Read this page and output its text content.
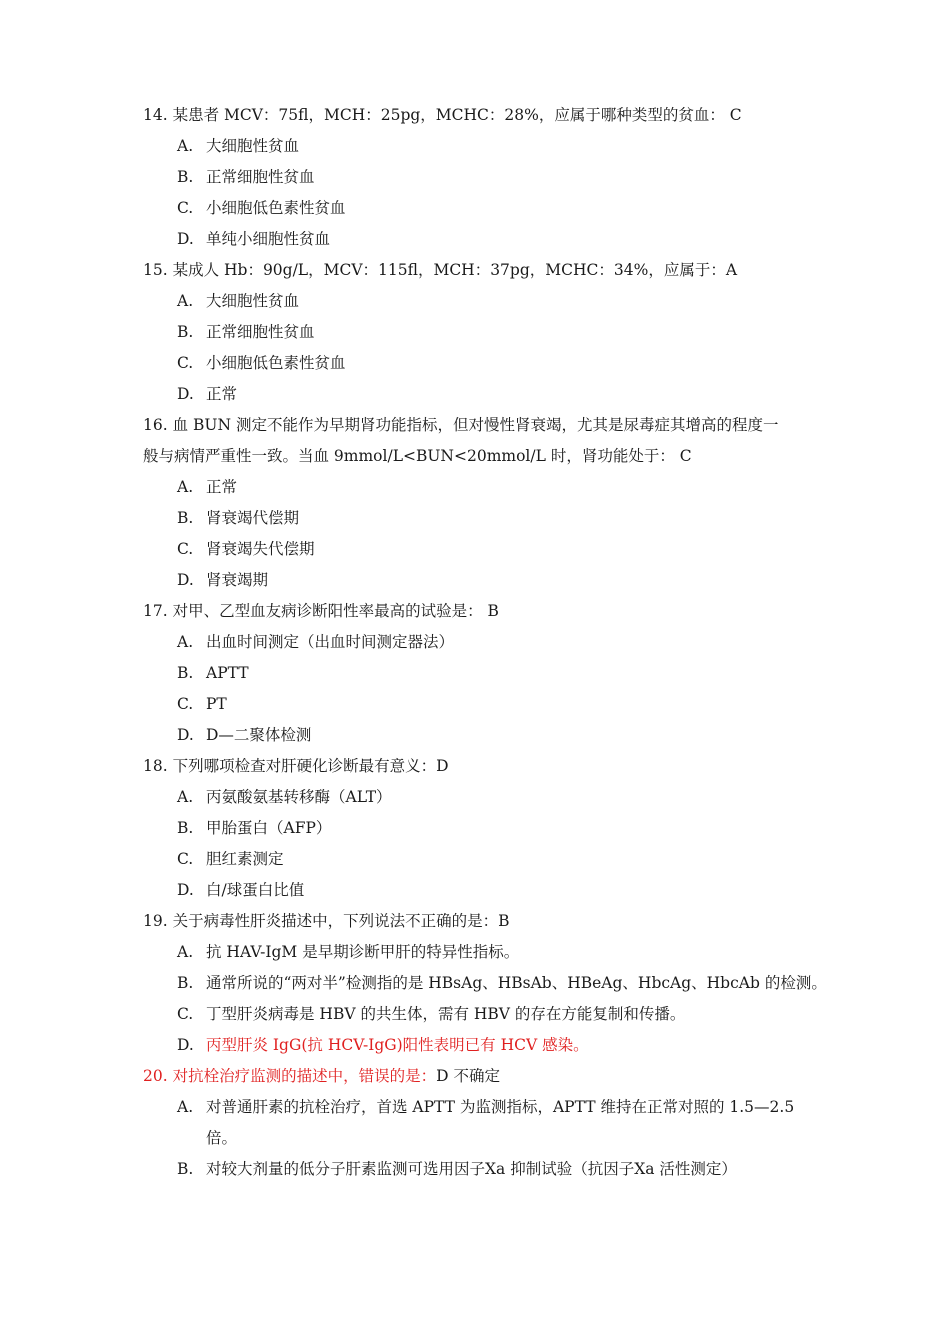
14. 某患者 MCV：75fl，MCH：25pg，MCHC：28%，应属于哪种类型的贫血： C
A. 大细胞性贫血
B. 正常细胞性贫血
C. 小细胞低色素性贫血
D. 单纯小细胞性贫血
15. 某成人 Hb：90g/L，MCV：115fl，MCH：37pg，MCHC：34%，应属于：A
A. 大细胞性贫血
B. 正常细胞性贫血
C. 小细胞低色素性贫血
D. 正常
16. 血 BUN 测定不能作为早期肾功能指标，但对慢性肾衰竭，尤其是尿毒症其增高的程度一
般与病情严重性一致。当血 9mmol/L<BUN<20mmol/L 时，肾功能处于： C
A. 正常
B. 肾衰竭代偿期
C. 肾衰竭失代偿期
D. 肾衰竭期
17. 对甲、乙型血友病诊断阳性率最高的试验是： B
A. 出血时间测定（出血时间测定器法）
B. APTT
C. PT
D. D—二聚体检测
18. 下列哪项检查对肝硬化诊断最有意义：D
A. 丙氨酸氨基转移酶（ALT）
B. 甲胎蛋白（AFP）
C. 胆红素测定
D. 白/球蛋白比值
19. 关于病毒性肝炎描述中，下列说法不正确的是：B
A. 抗 HAV-IgM 是早期诊断甲肝的特异性指标。
B. 通常所说的“两对半”检测指的是 HBsAg、HBsAb、HBeAg、HbcAg、HbcAb 的检测。
C. 丁型肝炎病毒是 HBV 的共生体，需有 HBV 的存在方能复制和传播。
D. 丙型肝炎 IgG(抗 HCV-IgG)阳性表明已有 HCV 感染。
20. 对抗栓治疗监测的描述中，错误的是：D 不确定
A. 对普通肝素的抗栓治疗，首选 APTT 为监测指标，APTT 维持在正常对照的 1.5—2.5
倍。
B. 对较大剂量的低分子肝素监测可选用因子Ⅹa 抑制试验（抗因子Ⅹa 活性测定）
